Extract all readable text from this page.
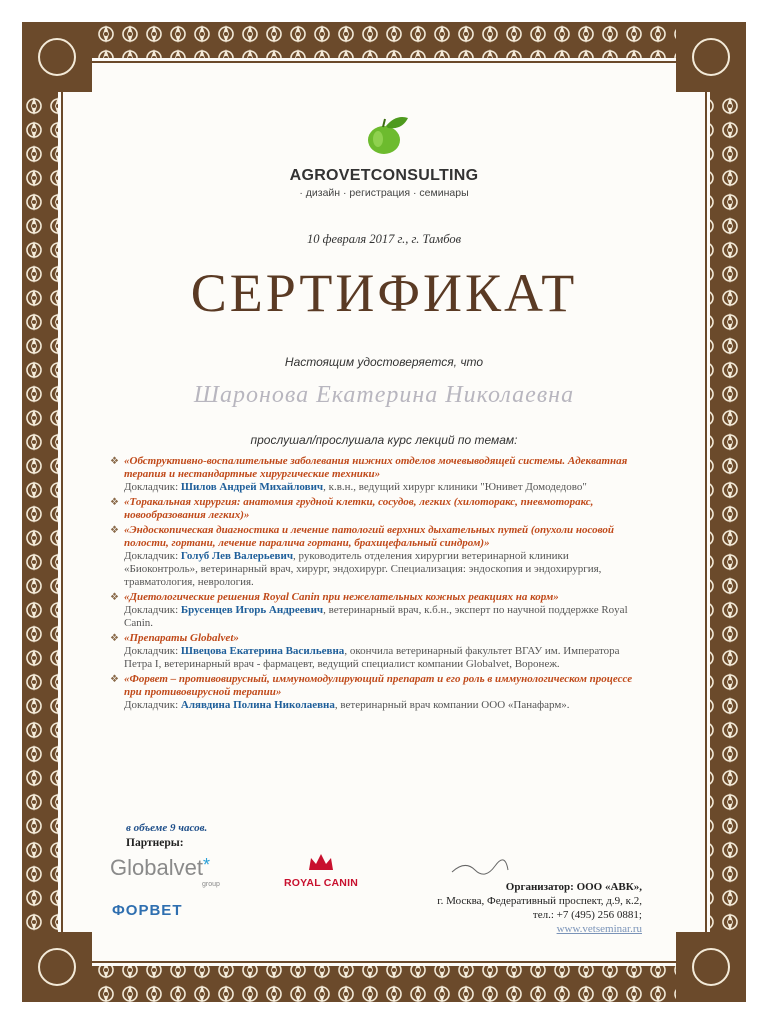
AGROVETCONSULTING
· дизайн · регистрация · семинары
10 февраля 2017 г., г. Тамбов
СЕРТИФИКАТ
Настоящим удостоверяется, что
Шаронова Екатерина Николаевна
прослушал/прослушала курс лекций по темам:
❖ «Обструктивно-воспалительные заболевания нижних отделов мочевыводящей системы. Адекватная терапия и нестандартные хирургические техники»
Докладчик: Шилов Андрей Михайлович, к.в.н., ведущий хирург клиники "Юнивет Домодедово"
❖ «Торакальная хирургия: анатомия грудной клетки, сосудов, легких (хилоторакс, пневмоторакс, новообразования легких)»
❖ «Эндоскопическая диагностика и лечение патологий верхних дыхательных путей (опухоли носовой полости, гортани, лечение паралича гортани, брахицефальный синдром)»
Докладчик: Голуб Лев Валерьевич, руководитель отделения хирургии ветеринарной клиники «Биоконтроль», ветеринарный врач, хирург, эндохирург. Специализация: эндоскопия и эндохирургия, травматология, неврология.
❖ «Диетологические решения Royal Canin при нежелательных кожных реакциях на корм»
Докладчик: Брусенцев Игорь Андреевич, ветеринарный врач, к.б.н., эксперт по научной поддержке Royal Canin.
❖ «Препараты Globalvet»
Докладчик: Швецова Екатерина Васильевна, окончила ветеринарный факультет ВГАУ им. Императора Петра I, ветеринарный врач - фармацевт, ведущий специалист компании Globalvet, Воронеж.
❖ «Форвет – противовирусный, иммуномодулирующий препарат и его роль в иммунологическом процессе при противовирусной терапии»
Докладчик: Алявдина Полина Николаевна, ветеринарный врач компании ООО «Панафарм».
в объеме 9 часов.
Партнеры:
Globalvet*
group	ROYAL CANIN
ФОРВЕТ
Организатор: ООО «АВК»,
г. Москва, Федеративный проспект, д.9, к.2,
тел.: +7 (495) 256 0881;
www.vetseminar.ru
